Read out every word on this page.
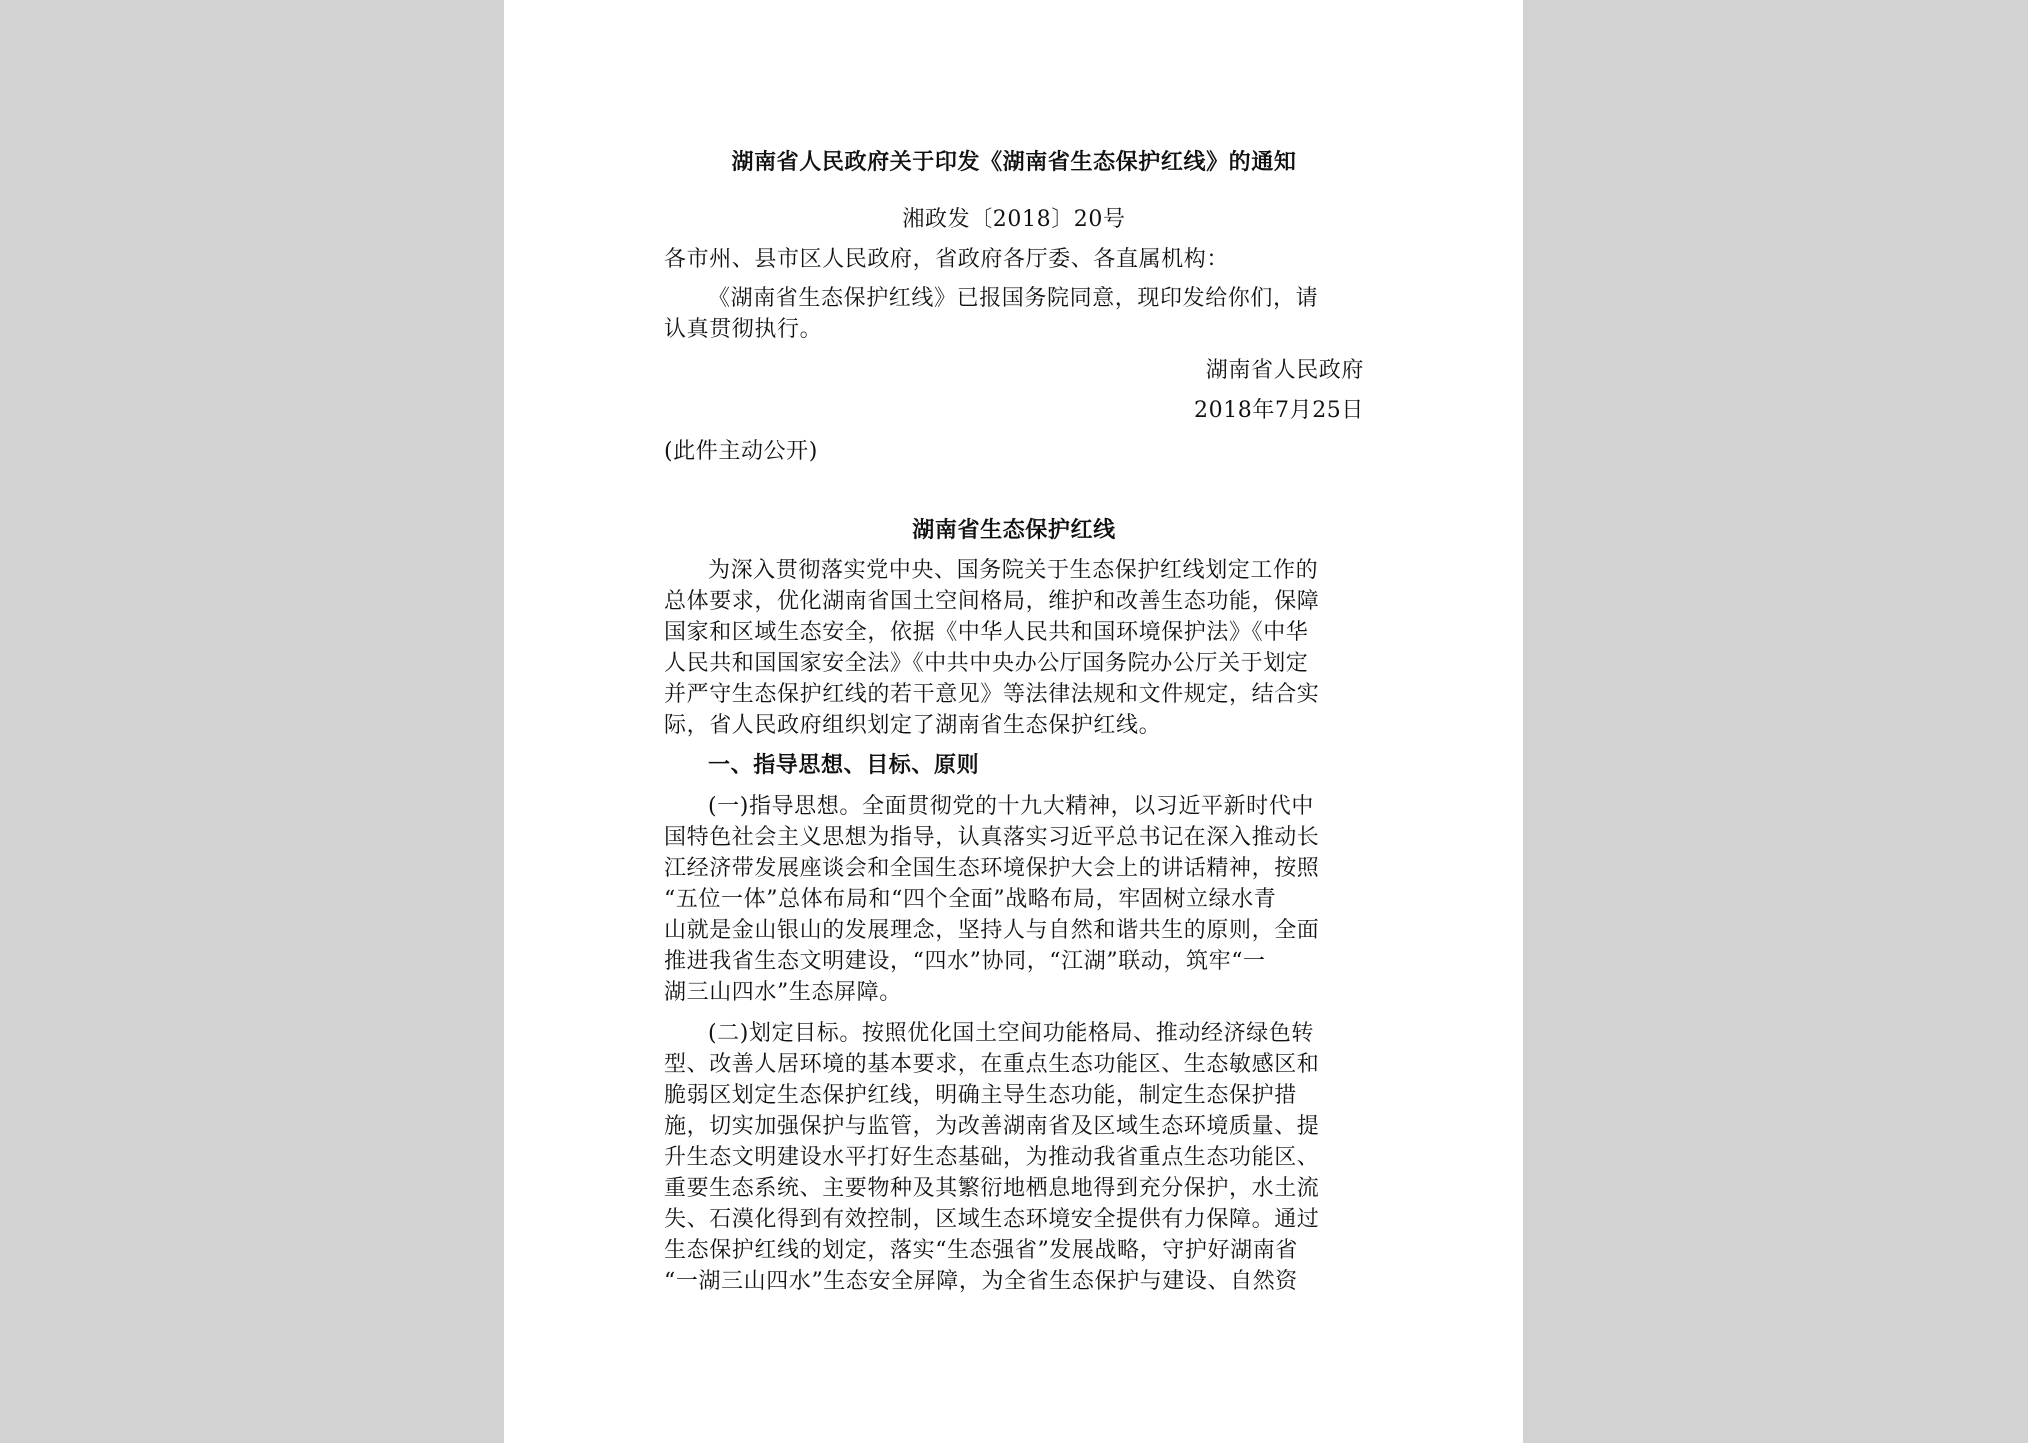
湖南省人民政府关于印发《湖南省生态保护红线》的通知
湘政发〔2018〕20号
各市州、县市区人民政府，省政府各厅委、各直属机构：
《湖南省生态保护红线》已报国务院同意，现印发给你们，请
认真贯彻执行。
湖南省人民政府
2018年7月25日
(此件主动公开)
湖南省生态保护红线
为深入贯彻落实党中央、国务院关于生态保护红线划定工作的
总体要求，优化湖南省国土空间格局，维护和改善生态功能，保障
国家和区域生态安全，依据《中华人民共和国环境保护法》《中华
人民共和国国家安全法》《中共中央办公厅国务院办公厅关于划定
并严守生态保护红线的若干意见》等法律法规和文件规定，结合实
际，省人民政府组织划定了湖南省生态保护红线。
一、指导思想、目标、原则
(一)指导思想。全面贯彻党的十九大精神，以习近平新时代中
国特色社会主义思想为指导，认真落实习近平总书记在深入推动长
江经济带发展座谈会和全国生态环境保护大会上的讲话精神，按照
“五位一体”总体布局和“四个全面”战略布局，牢固树立绿水青
山就是金山银山的发展理念，坚持人与自然和谐共生的原则，全面
推进我省生态文明建设，“四水”协同，“江湖”联动，筑牢“一
湖三山四水”生态屏障。
(二)划定目标。按照优化国土空间功能格局、推动经济绿色转
型、改善人居环境的基本要求，在重点生态功能区、生态敏感区和
脆弱区划定生态保护红线，明确主导生态功能，制定生态保护措
施，切实加强保护与监管，为改善湖南省及区域生态环境质量、提
升生态文明建设水平打好生态基础，为推动我省重点生态功能区、
重要生态系统、主要物种及其繁衍地栖息地得到充分保护，水土流
失、石漠化得到有效控制，区域生态环境安全提供有力保障。通过
生态保护红线的划定，落实“生态强省”发展战略，守护好湖南省
“一湖三山四水”生态安全屏障，为全省生态保护与建设、自然资
